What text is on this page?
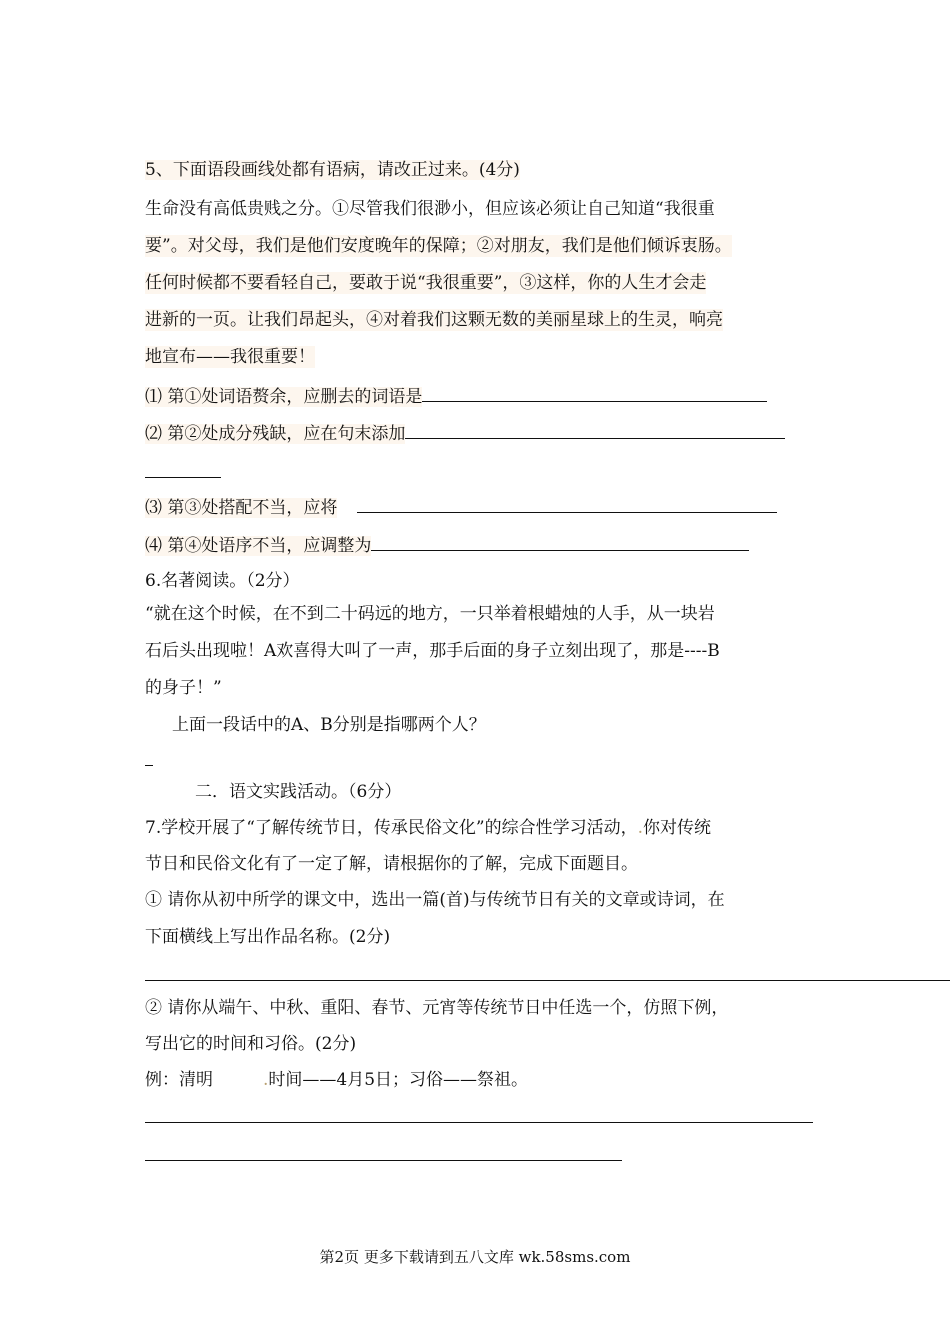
5、下面语段画线处都有语病，请改正过来。(4分)
生命没有高低贵贱之分。①尽管我们很渺小，但应该必须让自己知道“我很重
要”。对父母，我们是他们安度晚年的保障；②对朋友，我们是他们倾诉衷肠。
任何时候都不要看轻自己，要敢于说“我很重要”，③这样，你的人生才会走
进新的一页。让我们昂起头，④对着我们这颗无数的美丽星球上的生灵，响亮
地宣布——我很重要！
⑴ 第①处词语赘余，应删去的词语是
⑵ 第②处成分残缺，应在句末添加
⑶ 第③处搭配不当，应将
⑷ 第④处语序不当，应调整为
6.名著阅读。（2分）
“就在这个时候，在不到二十码远的地方，一只举着根蜡烛的人手，从一块岩
石后头出现啦！A欢喜得大叫了一声，那手后面的身子立刻出现了，那是----B
的身子！”
上面一段话中的A、B分别是指哪两个人？
二．语文实践活动。（6分）
7.学校开展了“了解传统节日，传承民俗文化”的综合性学习活动，.你对传统
节日和民俗文化有了一定了解，请根据你的了解，完成下面题目。
① 请你从初中所学的课文中，选出一篇(首)与传统节日有关的文章或诗词，在
下面横线上写出作品名称。(2分)
② 请你从端午、中秋、重阳、春节、元宵等传统节日中任选一个，仿照下例，
写出它的时间和习俗。(2分)
例：清明	.时间——4月5日；习俗——祭祖。
第2页 更多下载请到五八文库 wk.58sms.com
